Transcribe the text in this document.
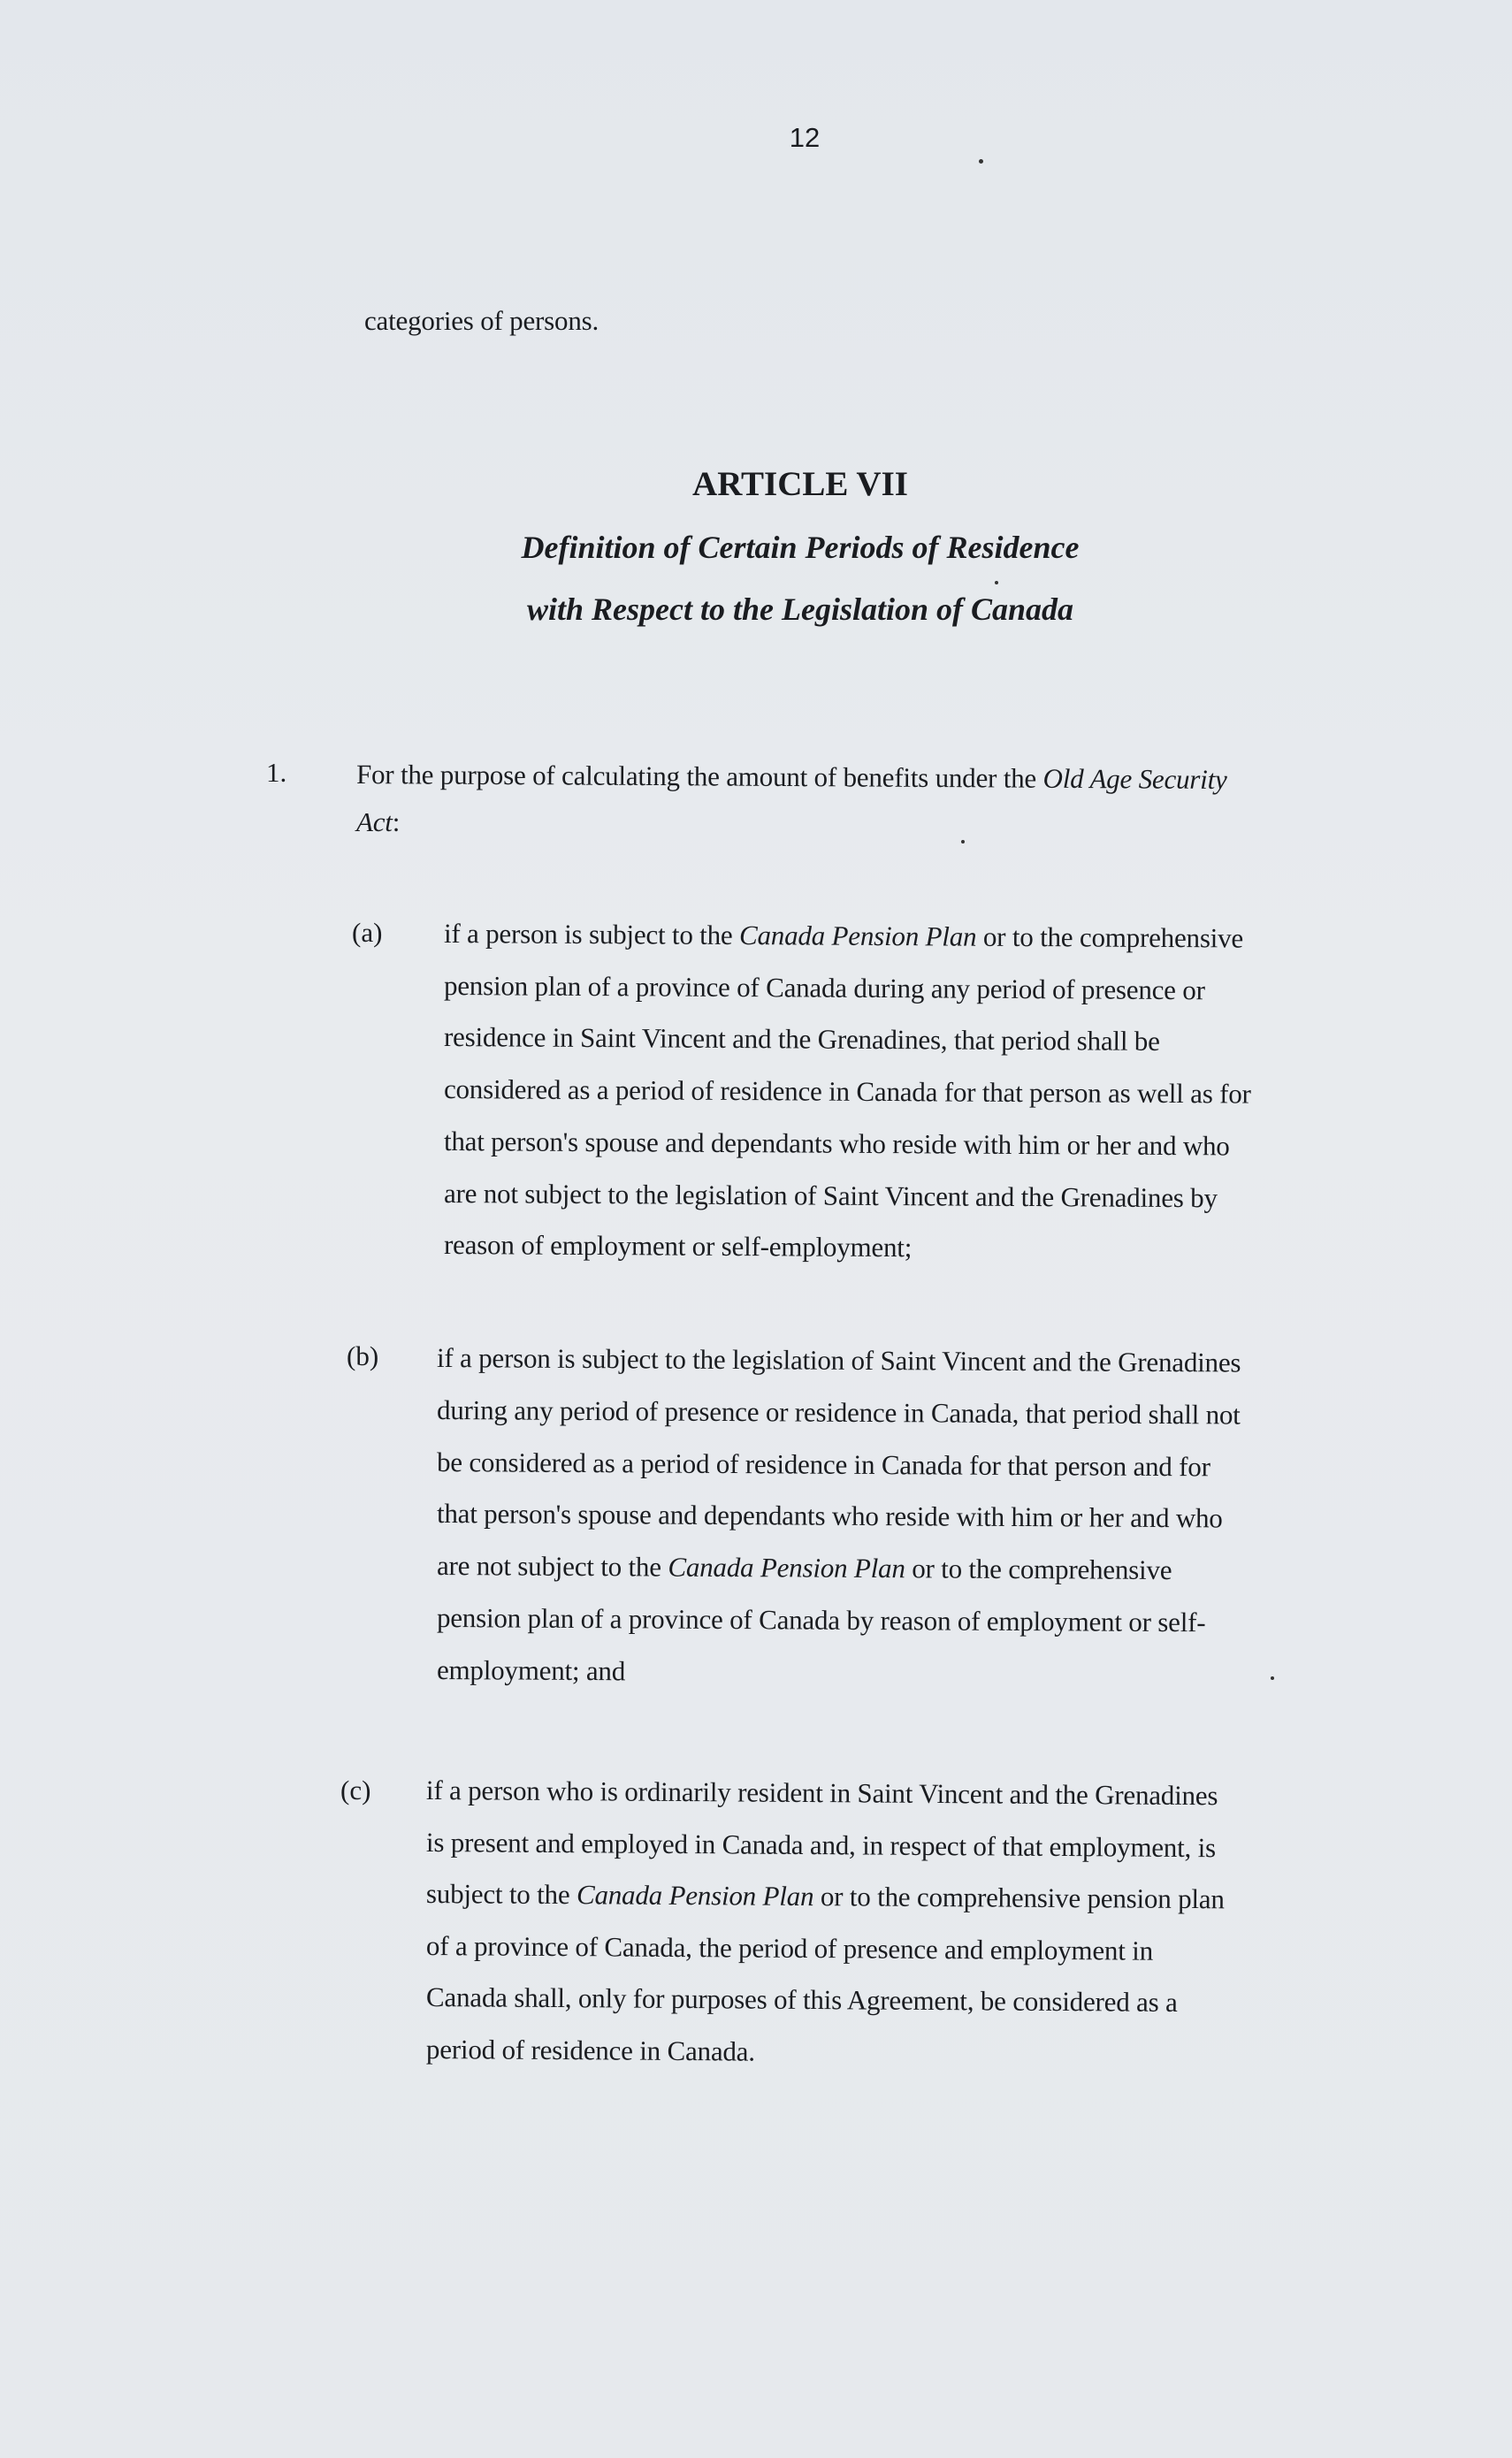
12
categories of persons.
ARTICLE VII
Definition of Certain Periods of Residence
with Respect to the Legislation of Canada
1.	For the purpose of calculating the amount of benefits under the Old Age Security
Act:
(a) if a person is subject to the Canada Pension Plan or to the comprehensive
pension plan of a province of Canada during any period of presence or
residence in Saint Vincent and the Grenadines, that period shall be
considered as a period of residence in Canada for that person as well as for
that person's spouse and dependants who reside with him or her and who
are not subject to the legislation of Saint Vincent and the Grenadines by
reason of employment or self-employment;
(b) if a person is subject to the legislation of Saint Vincent and the Grenadines
during any period of presence or residence in Canada, that period shall not
be considered as a period of residence in Canada for that person and for
that person's spouse and dependants who reside with him or her and who
are not subject to the Canada Pension Plan or to the comprehensive
pension plan of a province of Canada by reason of employment or self-
employment; and
(c) if a person who is ordinarily resident in Saint Vincent and the Grenadines
is present and employed in Canada and, in respect of that employment, is
subject to the Canada Pension Plan or to the comprehensive pension plan
of a province of Canada, the period of presence and employment in
Canada shall, only for purposes of this Agreement, be considered as a
period of residence in Canada.
